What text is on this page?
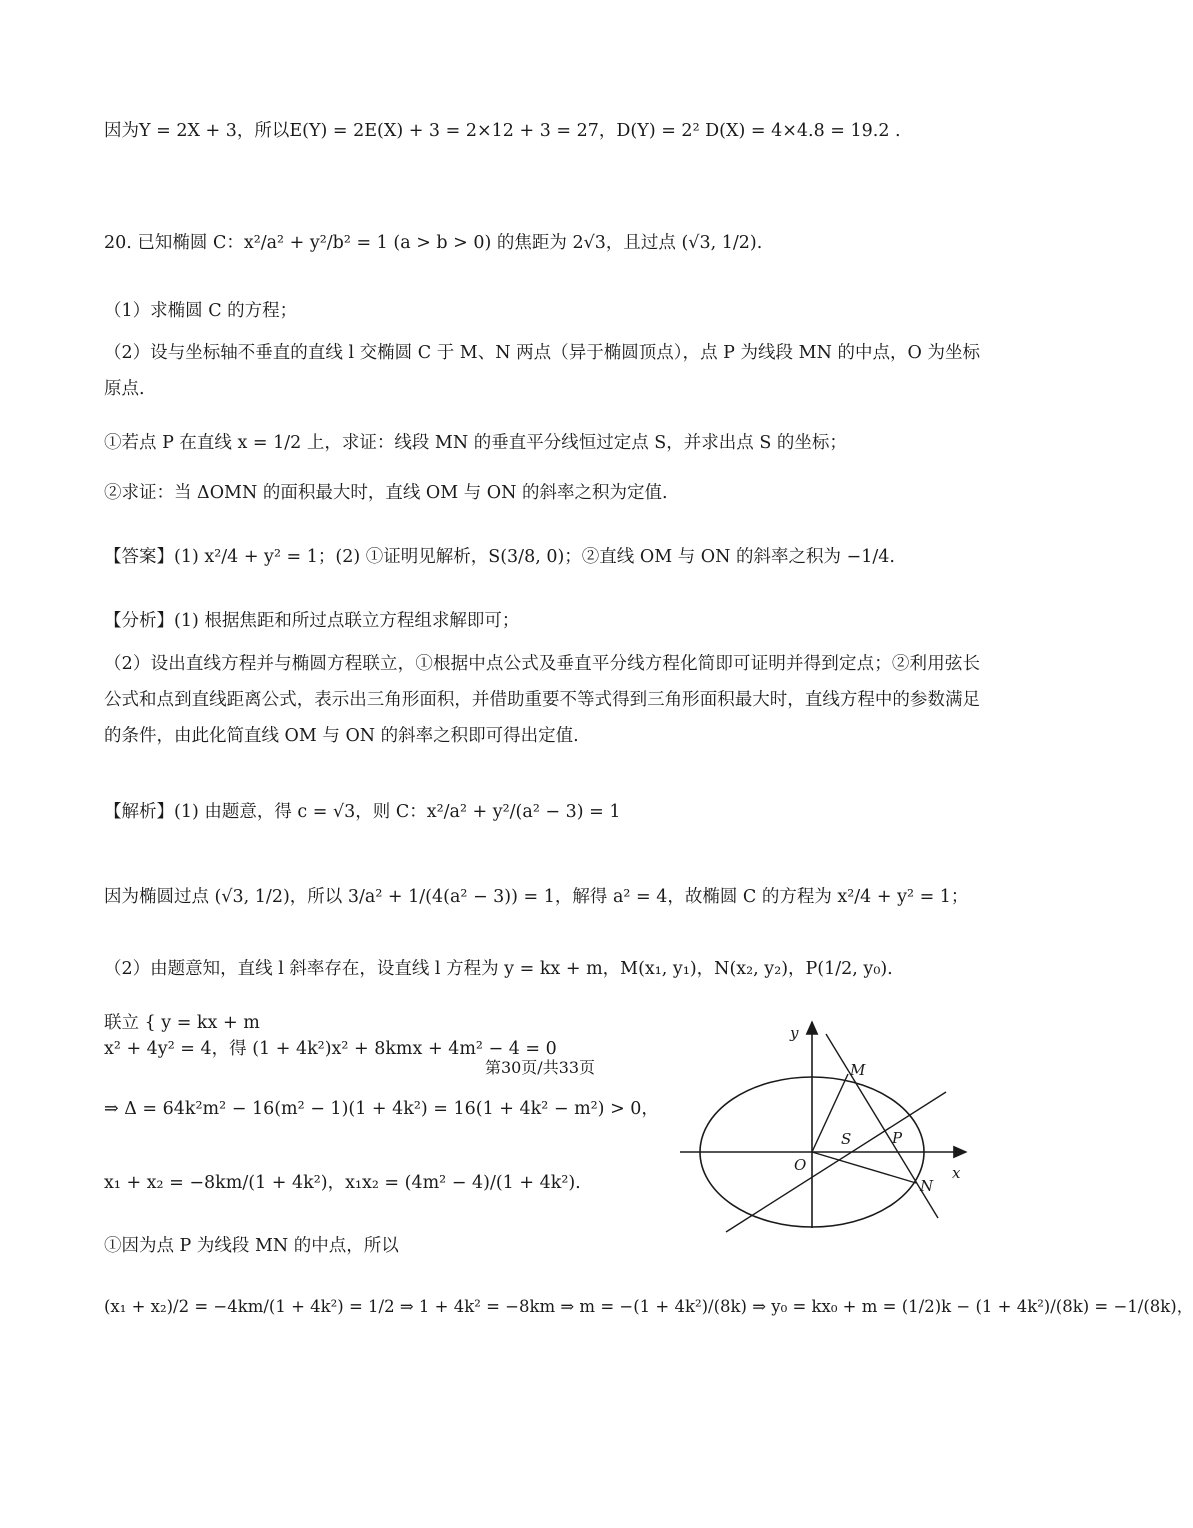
因为Y = 2X + 3，所以E(Y) = 2E(X) + 3 = 2×12 + 3 = 27，D(Y) = 2² D(X) = 4×4.8 = 19.2 .
20. 已知椭圆 C：x²/a² + y²/b² = 1 (a > b > 0) 的焦距为 2√3，且过点 (√3, 1/2).
（1）求椭圆 C 的方程；
（2）设与坐标轴不垂直的直线 l 交椭圆 C 于 M、N 两点（异于椭圆顶点），点 P 为线段 MN 的中点，O 为坐标原点.
①若点 P 在直线 x = 1/2 上，求证：线段 MN 的垂直平分线恒过定点 S，并求出点 S 的坐标；
②求证：当 ΔOMN 的面积最大时，直线 OM 与 ON 的斜率之积为定值.
【答案】(1) x²/4 + y² = 1；(2) ①证明见解析，S(3/8, 0)；②直线 OM 与 ON 的斜率之积为 −1/4.
【分析】(1) 根据焦距和所过点联立方程组求解即可；
（2）设出直线方程并与椭圆方程联立，①根据中点公式及垂直平分线方程化简即可证明并得到定点；②利用弦长公式和点到直线距离公式，表示出三角形面积，并借助重要不等式得到三角形面积最大时，直线方程中的参数满足的条件，由此化简直线 OM 与 ON 的斜率之积即可得出定值.
【解析】(1) 由题意，得 c = √3，则 C：x²/a² + y²/(a² − 3) = 1
因为椭圆过点 (√3, 1/2)，所以 3/a² + 1/(4(a² − 3)) = 1，解得 a² = 4，故椭圆 C 的方程为 x²/4 + y² = 1；
（2）由题意知，直线 l 斜率存在，设直线 l 方程为 y = kx + m，M(x₁, y₁)，N(x₂, y₂)，P(1/2, y₀).
联立 { y = kx + m
x² + 4y² = 4，得 (1 + 4k²)x² + 8kmx + 4m² − 4 = 0
⇒ Δ = 64k²m² − 16(m² − 1)(1 + 4k²) = 16(1 + 4k² − m²) > 0，
x₁ + x₂ = −8km/(1 + 4k²)，x₁x₂ = (4m² − 4)/(1 + 4k²).
①因为点 P 为线段 MN 的中点，所以
(x₁ + x₂)/2 = −4km/(1 + 4k²) = 1/2 ⇒ 1 + 4k² = −8km ⇒ m = −(1 + 4k²)/(8k) ⇒ y₀ = kx₀ + m = (1/2)k − (1 + 4k²)/(8k) = −1/(8k)，
y
x
O
M
N
S	P
第30页/共33页
